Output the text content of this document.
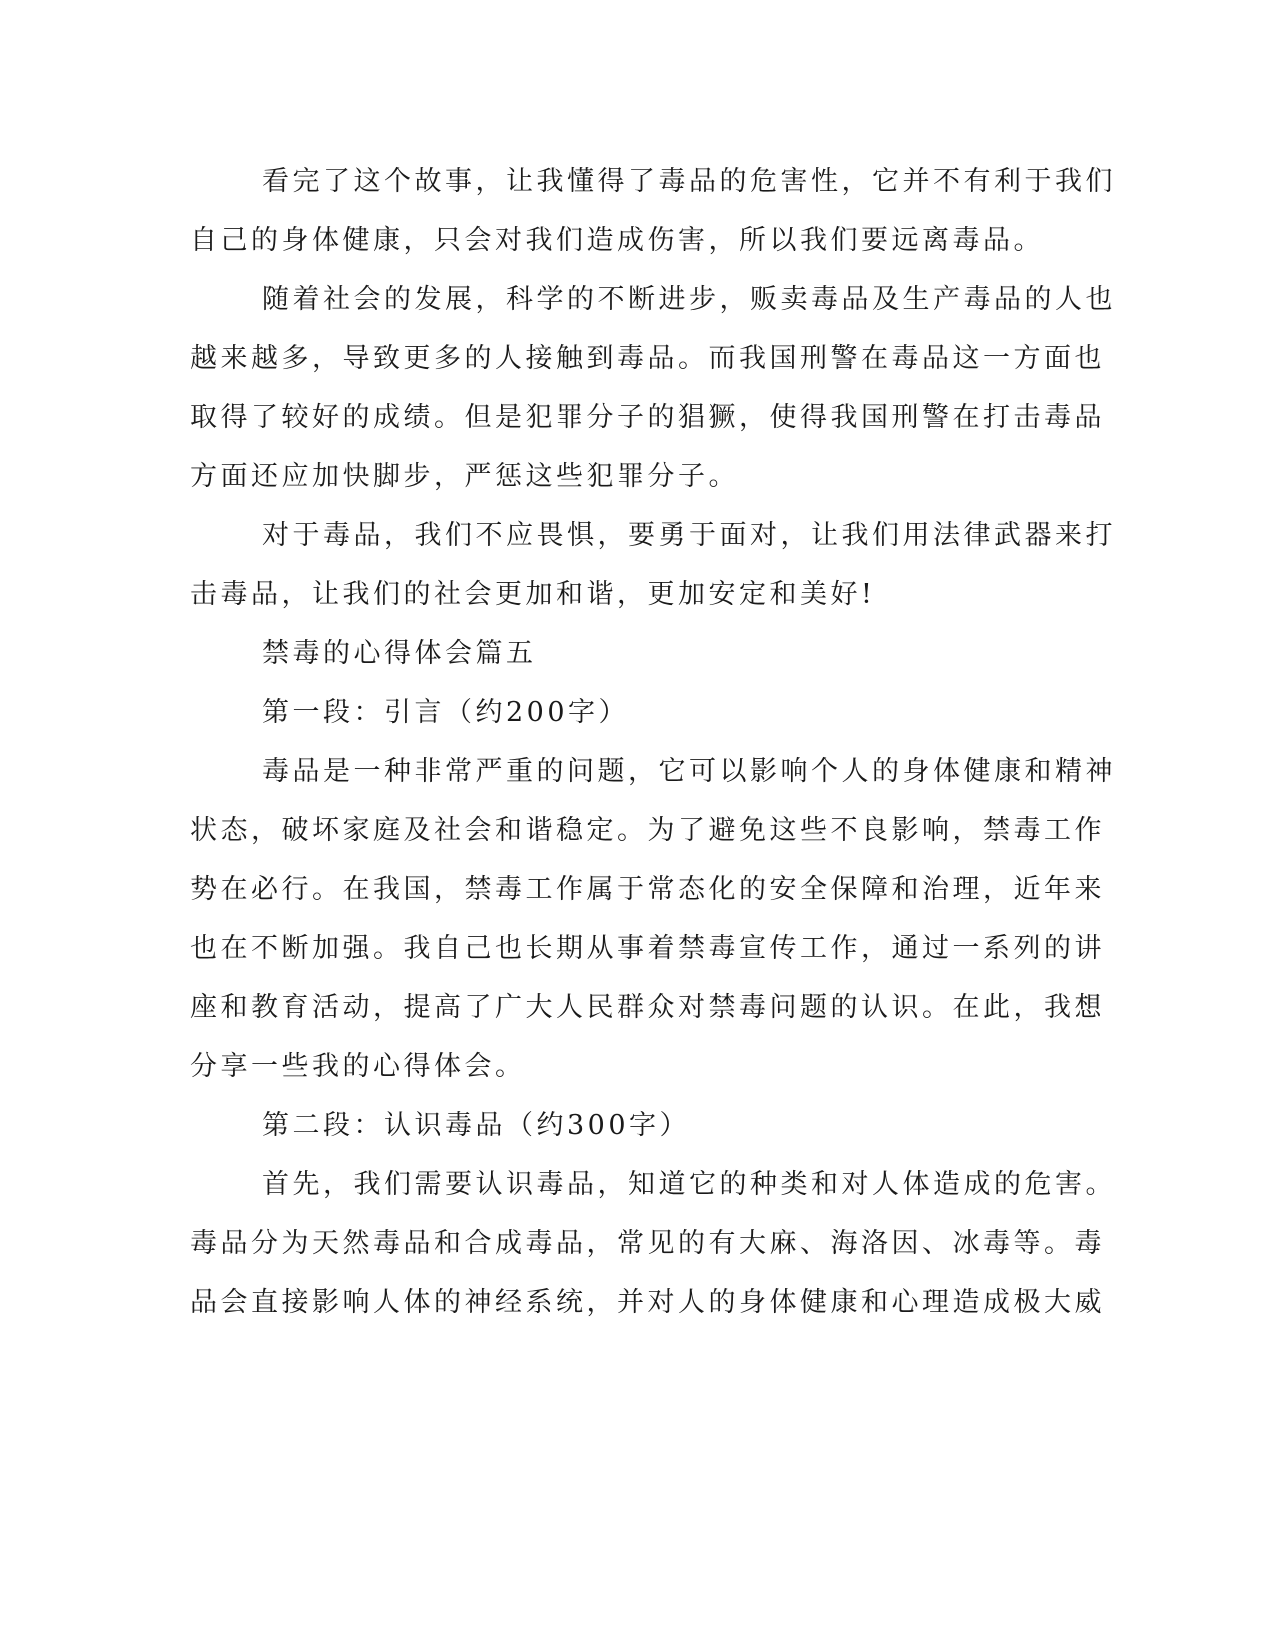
看完了这个故事，让我懂得了毒品的危害性，它并不有利于我们

自己的身体健康，只会对我们造成伤害，所以我们要远离毒品。

随着社会的发展，科学的不断进步，贩卖毒品及生产毒品的人也

越来越多，导致更多的人接触到毒品。而我国刑警在毒品这一方面也

取得了较好的成绩。但是犯罪分子的猖獗，使得我国刑警在打击毒品

方面还应加快脚步，严惩这些犯罪分子。

对于毒品，我们不应畏惧，要勇于面对，让我们用法律武器来打

击毒品，让我们的社会更加和谐，更加安定和美好!

禁毒的心得体会篇五

第一段：引言（约200字）

毒品是一种非常严重的问题，它可以影响个人的身体健康和精神

状态，破坏家庭及社会和谐稳定。为了避免这些不良影响，禁毒工作

势在必行。在我国，禁毒工作属于常态化的安全保障和治理，近年来

也在不断加强。我自己也长期从事着禁毒宣传工作，通过一系列的讲

座和教育活动，提高了广大人民群众对禁毒问题的认识。在此，我想

分享一些我的心得体会。

第二段：认识毒品（约300字）

首先，我们需要认识毒品，知道它的种类和对人体造成的危害。

毒品分为天然毒品和合成毒品，常见的有大麻、海洛因、冰毒等。毒

品会直接影响人体的神经系统，并对人的身体健康和心理造成极大威
